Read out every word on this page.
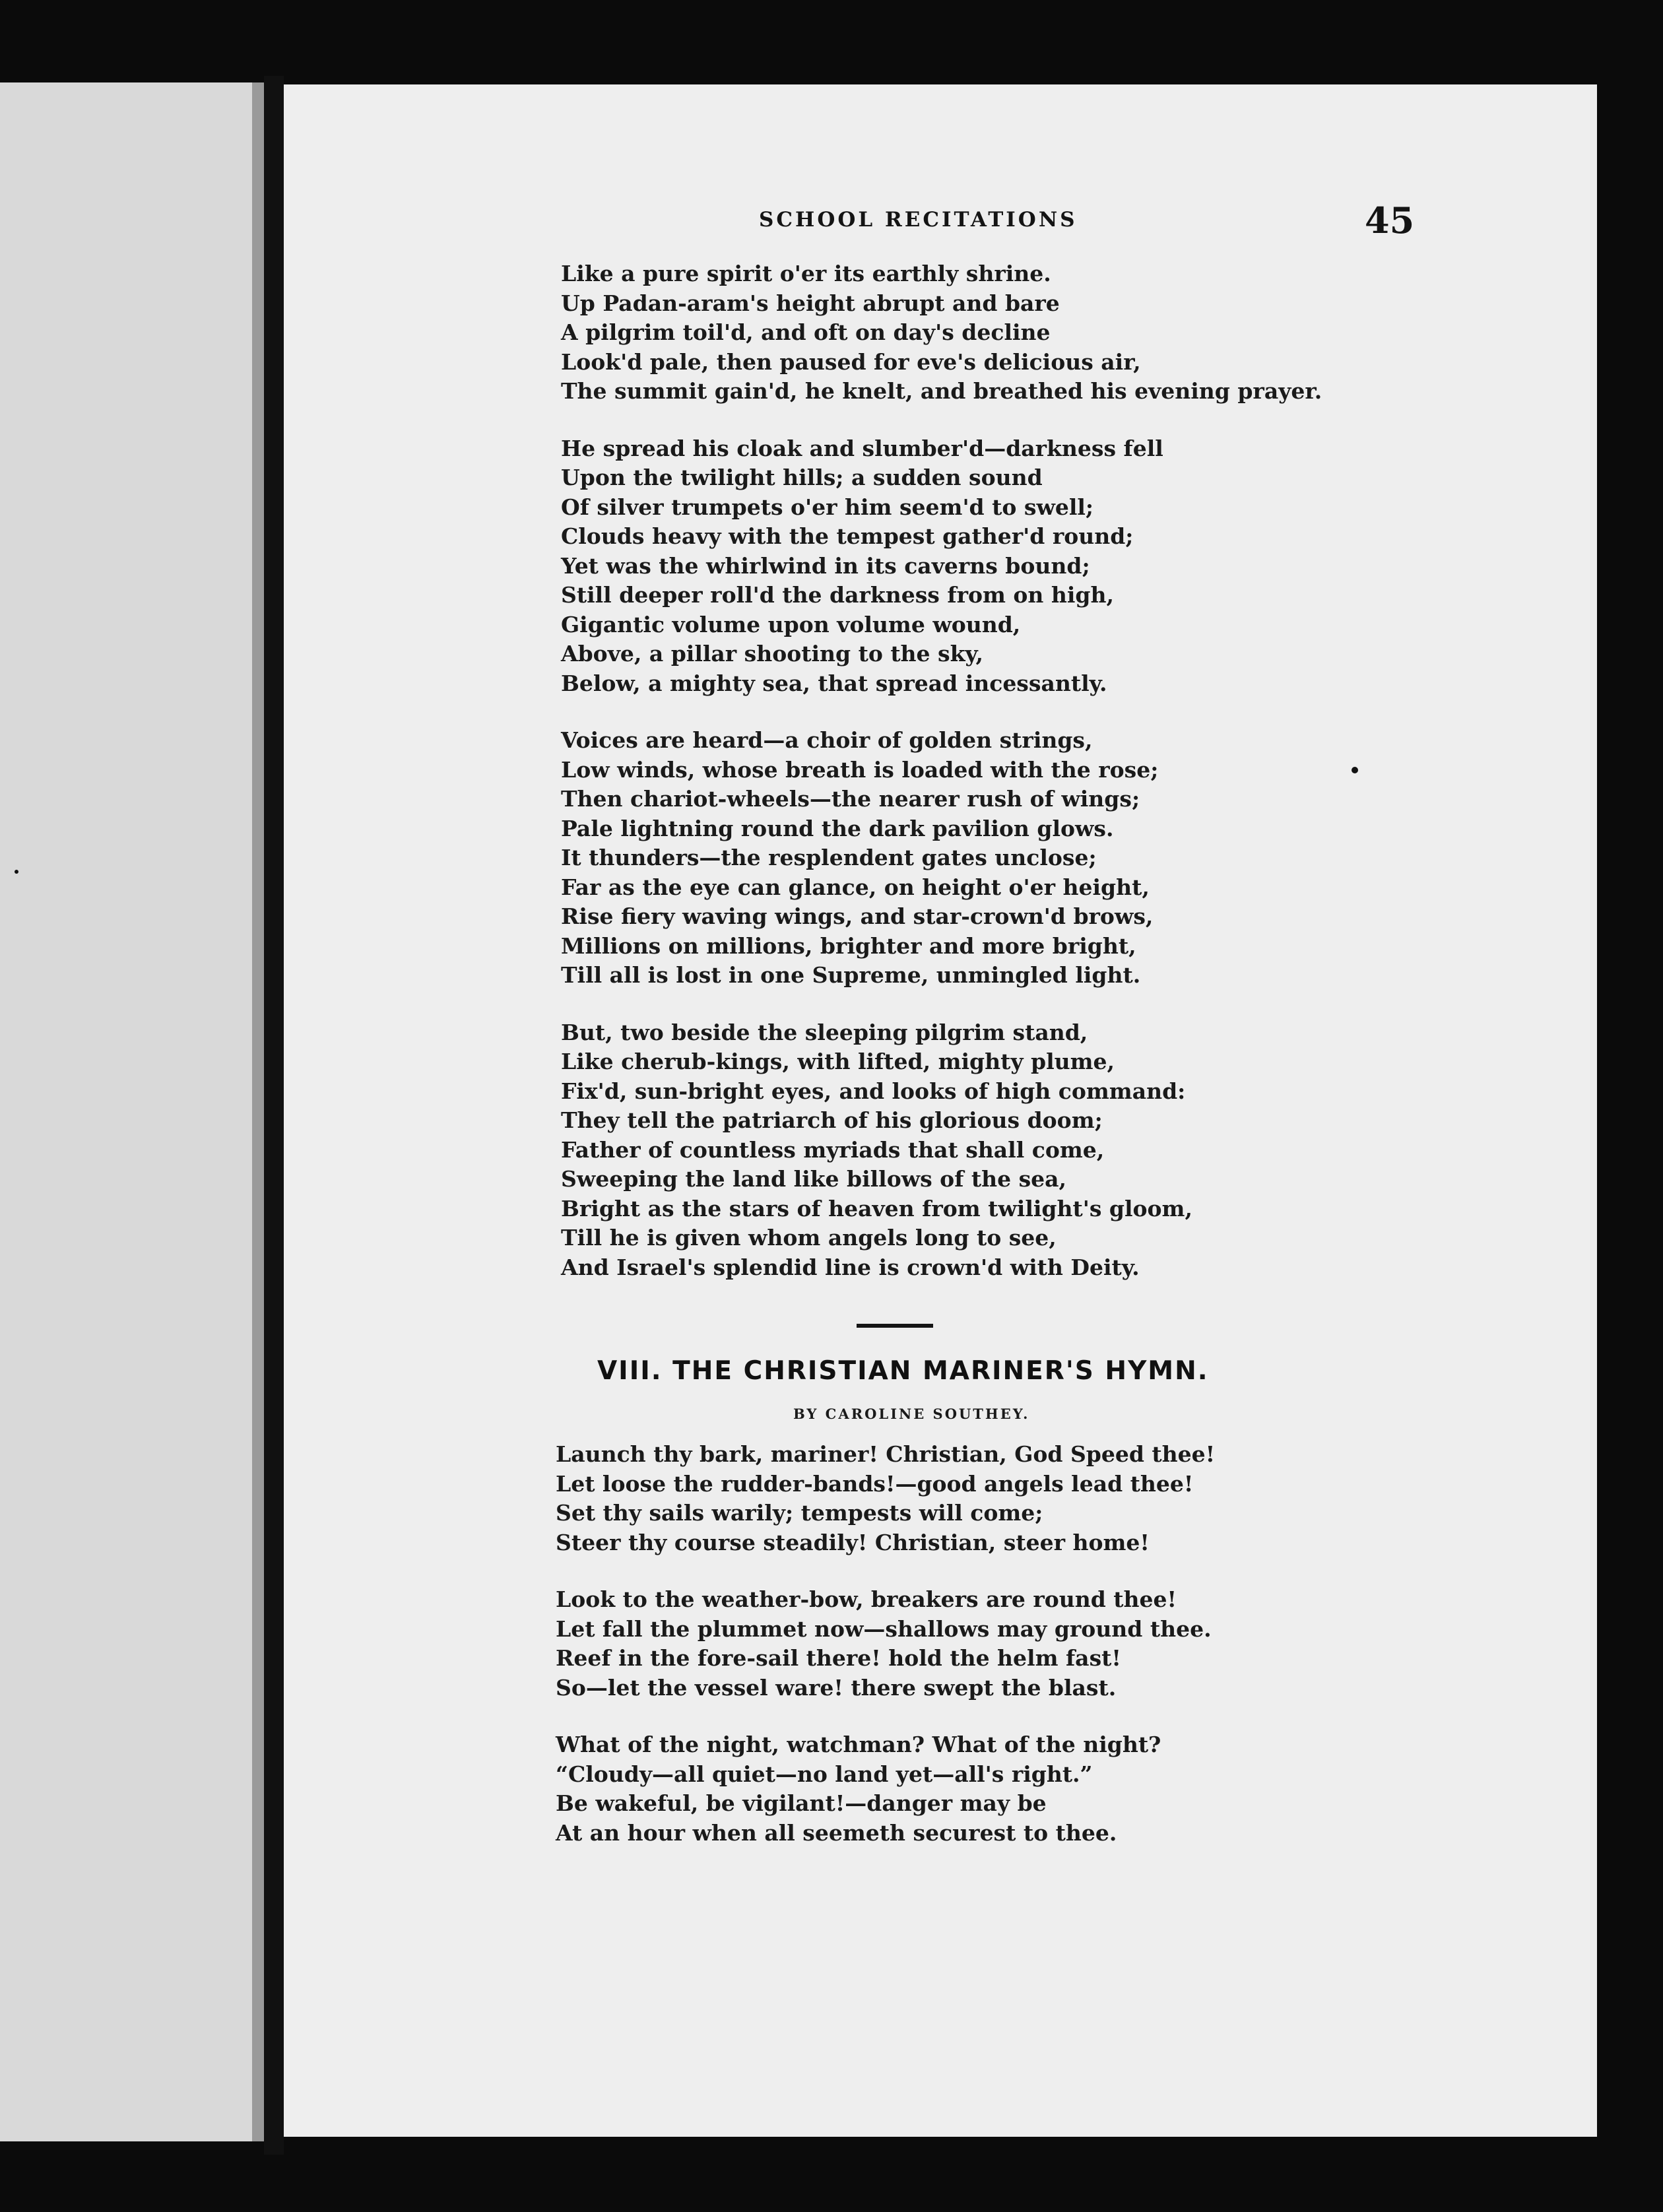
SCHOOL RECITATIONS	45
Like a pure spirit o'er its earthly shrine.
Up Padan-aram's height abrupt and bare
A pilgrim toil'd, and oft on day's decline
Look'd pale, then paused for eve's delicious air,
The summit gain'd, he knelt, and breathed his evening prayer.
He spread his cloak and slumber'd—darkness fell
Upon the twilight hills; a sudden sound
Of silver trumpets o'er him seem'd to swell;
Clouds heavy with the tempest gather'd round;
Yet was the whirlwind in its caverns bound;
Still deeper roll'd the darkness from on high,
Gigantic volume upon volume wound,
Above, a pillar shooting to the sky,
Below, a mighty sea, that spread incessantly.
Voices are heard—a choir of golden strings,
Low winds, whose breath is loaded with the rose;
Then chariot-wheels—the nearer rush of wings;
Pale lightning round the dark pavilion glows.
It thunders—the resplendent gates unclose;
Far as the eye can glance, on height o'er height,
Rise fiery waving wings, and star-crown'd brows,
Millions on millions, brighter and more bright,
Till all is lost in one Supreme, unmingled light.
But, two beside the sleeping pilgrim stand,
Like cherub-kings, with lifted, mighty plume,
Fix'd, sun-bright eyes, and looks of high command:
They tell the patriarch of his glorious doom;
Father of countless myriads that shall come,
Sweeping the land like billows of the sea,
Bright as the stars of heaven from twilight's gloom,
Till he is given whom angels long to see,
And Israel's splendid line is crown'd with Deity.
VIII. THE CHRISTIAN MARINER'S HYMN.
BY CAROLINE SOUTHEY.
Launch thy bark, mariner! Christian, God Speed thee!
Let loose the rudder-bands!—good angels lead thee!
Set thy sails warily; tempests will come;
Steer thy course steadily! Christian, steer home!
Look to the weather-bow, breakers are round thee!
Let fall the plummet now—shallows may ground thee.
Reef in the fore-sail there! hold the helm fast!
So—let the vessel ware! there swept the blast.
What of the night, watchman? What of the night?
“Cloudy—all quiet—no land yet—all's right.”
Be wakeful, be vigilant!—danger may be
At an hour when all seemeth securest to thee.
